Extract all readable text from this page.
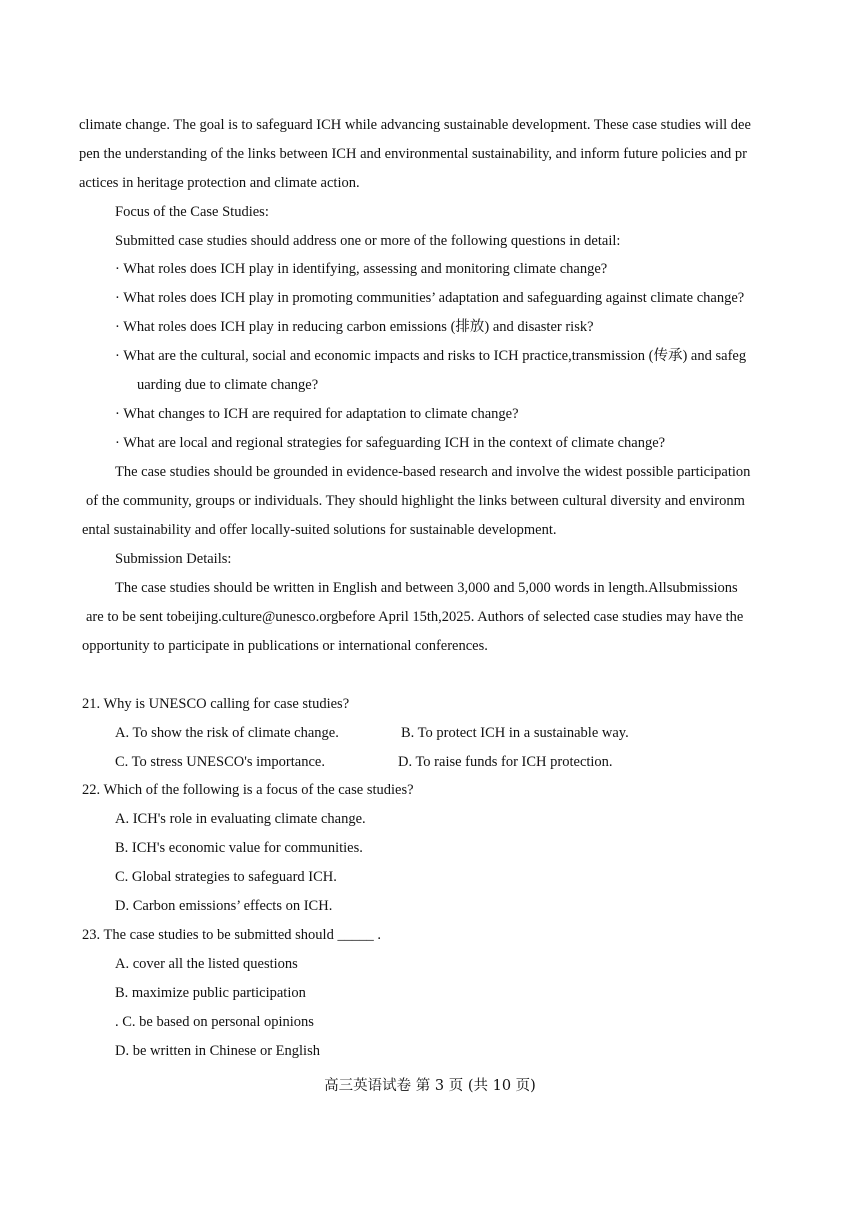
climate change. The goal is to safeguard ICH while advancing sustainable development. These case studies will dee
pen the understanding of the links between ICH and environmental sustainability, and inform future policies and pr
actices in heritage protection and climate action.
Focus of the Case Studies:
Submitted case studies should address one or more of the following questions in detail:
· What roles does ICH play in identifying, assessing and monitoring climate change?
· What roles does ICH play in promoting communities’ adaptation and safeguarding against climate change?
· What roles does ICH play in reducing carbon emissions (排放) and disaster risk?
· What are the cultural, social and economic impacts and risks to ICH practice,transmission (传承) and safeg
uarding due to climate change?
· What changes to ICH are required for adaptation to climate change?
· What are local and regional strategies for safeguarding ICH in the context of climate change?
The case studies should be grounded in evidence-based research and involve the widest possible participation
of the community, groups or individuals. They should highlight the links between cultural diversity and environm
ental sustainability and offer locally-suited solutions for sustainable development.
Submission Details:
The case studies should be written in English and between 3,000 and 5,000 words in length.Allsubmissions
are to be sent tobeijing.culture@unesco.orgbefore April 15th,2025. Authors of selected case studies may have the
opportunity to participate in publications or international conferences.
21. Why is UNESCO calling for case studies?
A. To show the risk of climate change.	B. To protect ICH in a sustainable way.
C. To stress UNESCO's importance.	D. To raise funds for ICH protection.
22. Which of the following is a focus of the case studies?
A. ICH's role in evaluating climate change.
B. ICH's economic value for communities.
C. Global strategies to safeguard ICH.
D. Carbon emissions’ effects on ICH.
23. The case studies to be submitted should _____ .
A. cover all the listed questions
B. maximize public participation
. C. be based on personal opinions
D. be written in Chinese or English
高三英语试卷 第 3 页 (共 10 页)
